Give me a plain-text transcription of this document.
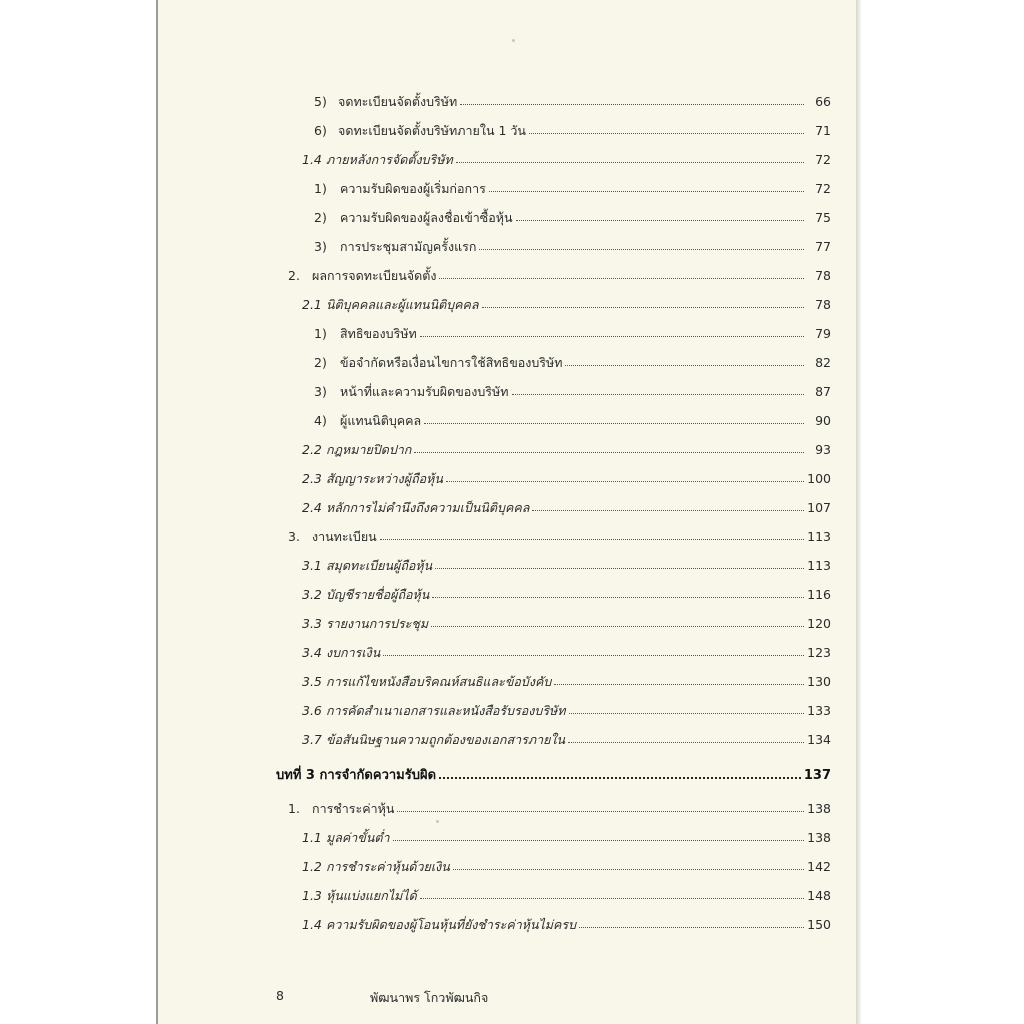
5) จดทะเบียนจัดตั้งบริษัท	66
6) จดทะเบียนจัดตั้งบริษัทภายใน 1 วัน	71
1.4 ภายหลังการจัดตั้งบริษัท	72
1)	ความรับผิดของผู้เริ่มก่อการ	72
2)	ความรับผิดของผู้ลงชื่อเข้าซื้อหุ้น	75
3)	การประชุมสามัญครั้งแรก	77
2. ผลการจดทะเบียนจัดตั้ง	78
2.1 นิติบุคคลและผู้แทนนิติบุคคล	78
1)	สิทธิของบริษัท	79
2)	ข้อจำกัดหรือเงื่อนไขการใช้สิทธิของบริษัท	82
3)	หน้าที่และความรับผิดของบริษัท	87
4)	ผู้แทนนิติบุคคล	90
2.2 กฎหมายปิดปาก	93
2.3 สัญญาระหว่างผู้ถือหุ้น	100
2.4 หลักการไม่คำนึงถึงความเป็นนิติบุคคล	107
3. งานทะเบียน	113
3.1 สมุดทะเบียนผู้ถือหุ้น	113
3.2 บัญชีรายชื่อผู้ถือหุ้น	116
3.3 รายงานการประชุม	120
3.4 งบการเงิน	123
3.5 การแก้ไขหนังสือบริคณห์สนธิและข้อบังคับ	130
3.6 การคัดสำเนาเอกสารและหนังสือรับรองบริษัท	133
3.7 ข้อสันนิษฐานความถูกต้องของเอกสารภายใน	134
บทที่ 3 การจำกัดความรับผิด	137
1. การชำระค่าหุ้น	138
1.1 มูลค่าขั้นต่ำ	138
1.2 การชำระค่าหุ้นด้วยเงิน	142
1.3 หุ้นแบ่งแยกไม่ได้	148
1.4 ความรับผิดของผู้โอนหุ้นที่ยังชำระค่าหุ้นไม่ครบ	150
8	พัฒนาพร โกวพัฒนกิจ
